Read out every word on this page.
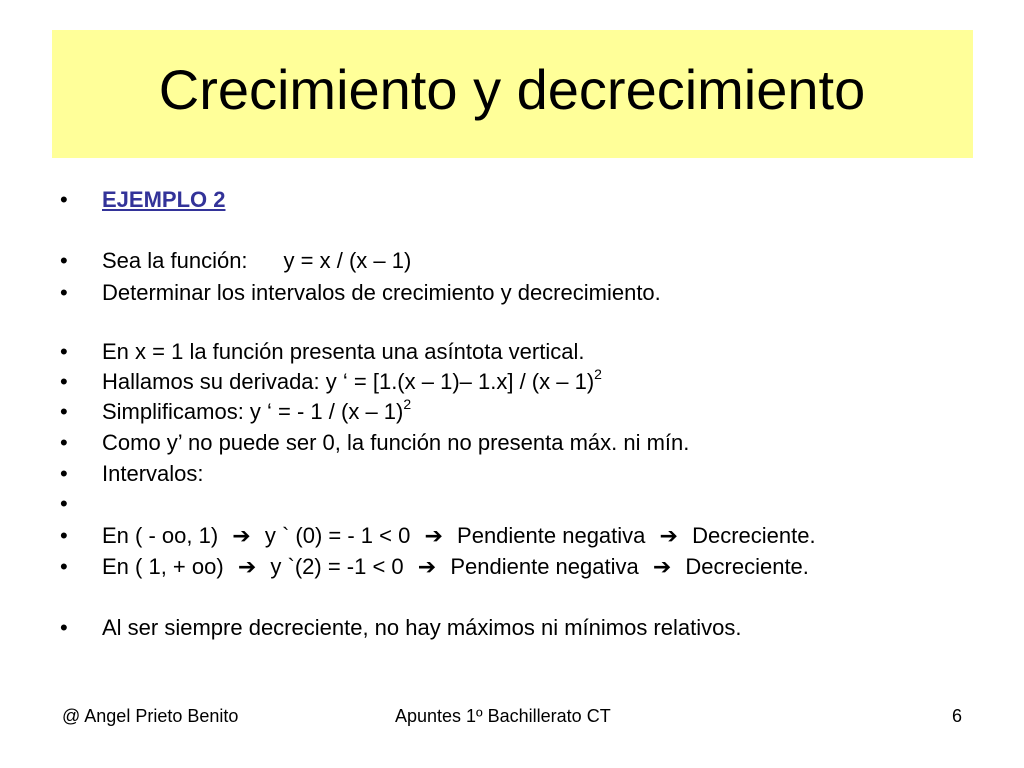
Crecimiento y decrecimiento
• EJEMPLO 2
• Sea la función: y = x / (x – 1)
• Determinar los intervalos de crecimiento y decrecimiento.
• En x = 1 la función presenta una asíntota vertical.
• Hallamos su derivada: y ‘ = [1.(x – 1)– 1.x] / (x – 1)$^2$
• Simplificamos: y ‘ = - 1 / (x – 1)$^2$
• Como y’ no puede ser 0, la función no presenta máx. ni mín.
• Intervalos:
•
• En ( - oo, 1) ➔ y ` (0) = - 1 < 0 ➔ Pendiente negativa ➔ Decreciente.
• En ( 1, + oo) ➔ y `(2) = -1 < 0 ➔ Pendiente negativa ➔ Decreciente.
• Al ser siempre decreciente, no hay máximos ni mínimos relativos.
@ Angel Prieto Benito	Apuntes 1º Bachillerato CT	6
